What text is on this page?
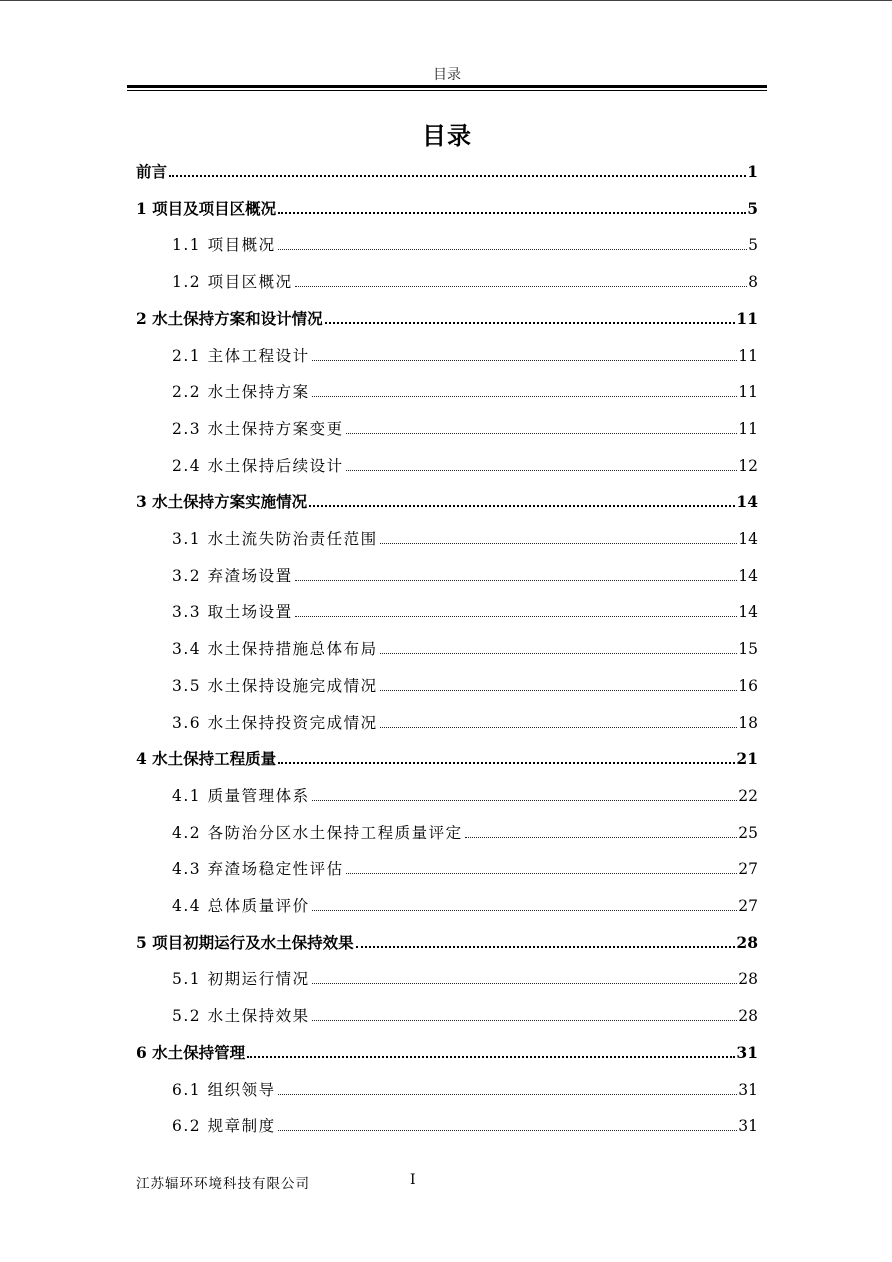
目录
目录
前言	1
1 项目及项目区概况	5
1.1 项目概况	5
1.2 项目区概况	8
2 水土保持方案和设计情况	11
2.1 主体工程设计	11
2.2 水土保持方案	11
2.3 水土保持方案变更	11
2.4 水土保持后续设计	12
3 水土保持方案实施情况	14
3.1 水土流失防治责任范围	14
3.2 弃渣场设置	14
3.3 取土场设置	14
3.4 水土保持措施总体布局	15
3.5 水土保持设施完成情况	16
3.6 水土保持投资完成情况	18
4 水土保持工程质量	21
4.1 质量管理体系	22
4.2 各防治分区水土保持工程质量评定	25
4.3 弃渣场稳定性评估	27
4.4 总体质量评价	27
5 项目初期运行及水土保持效果	28
5.1 初期运行情况	28
5.2 水土保持效果	28
6 水土保持管理	31
6.1 组织领导	31
6.2 规章制度	31
江苏辐环环境科技有限公司	I
